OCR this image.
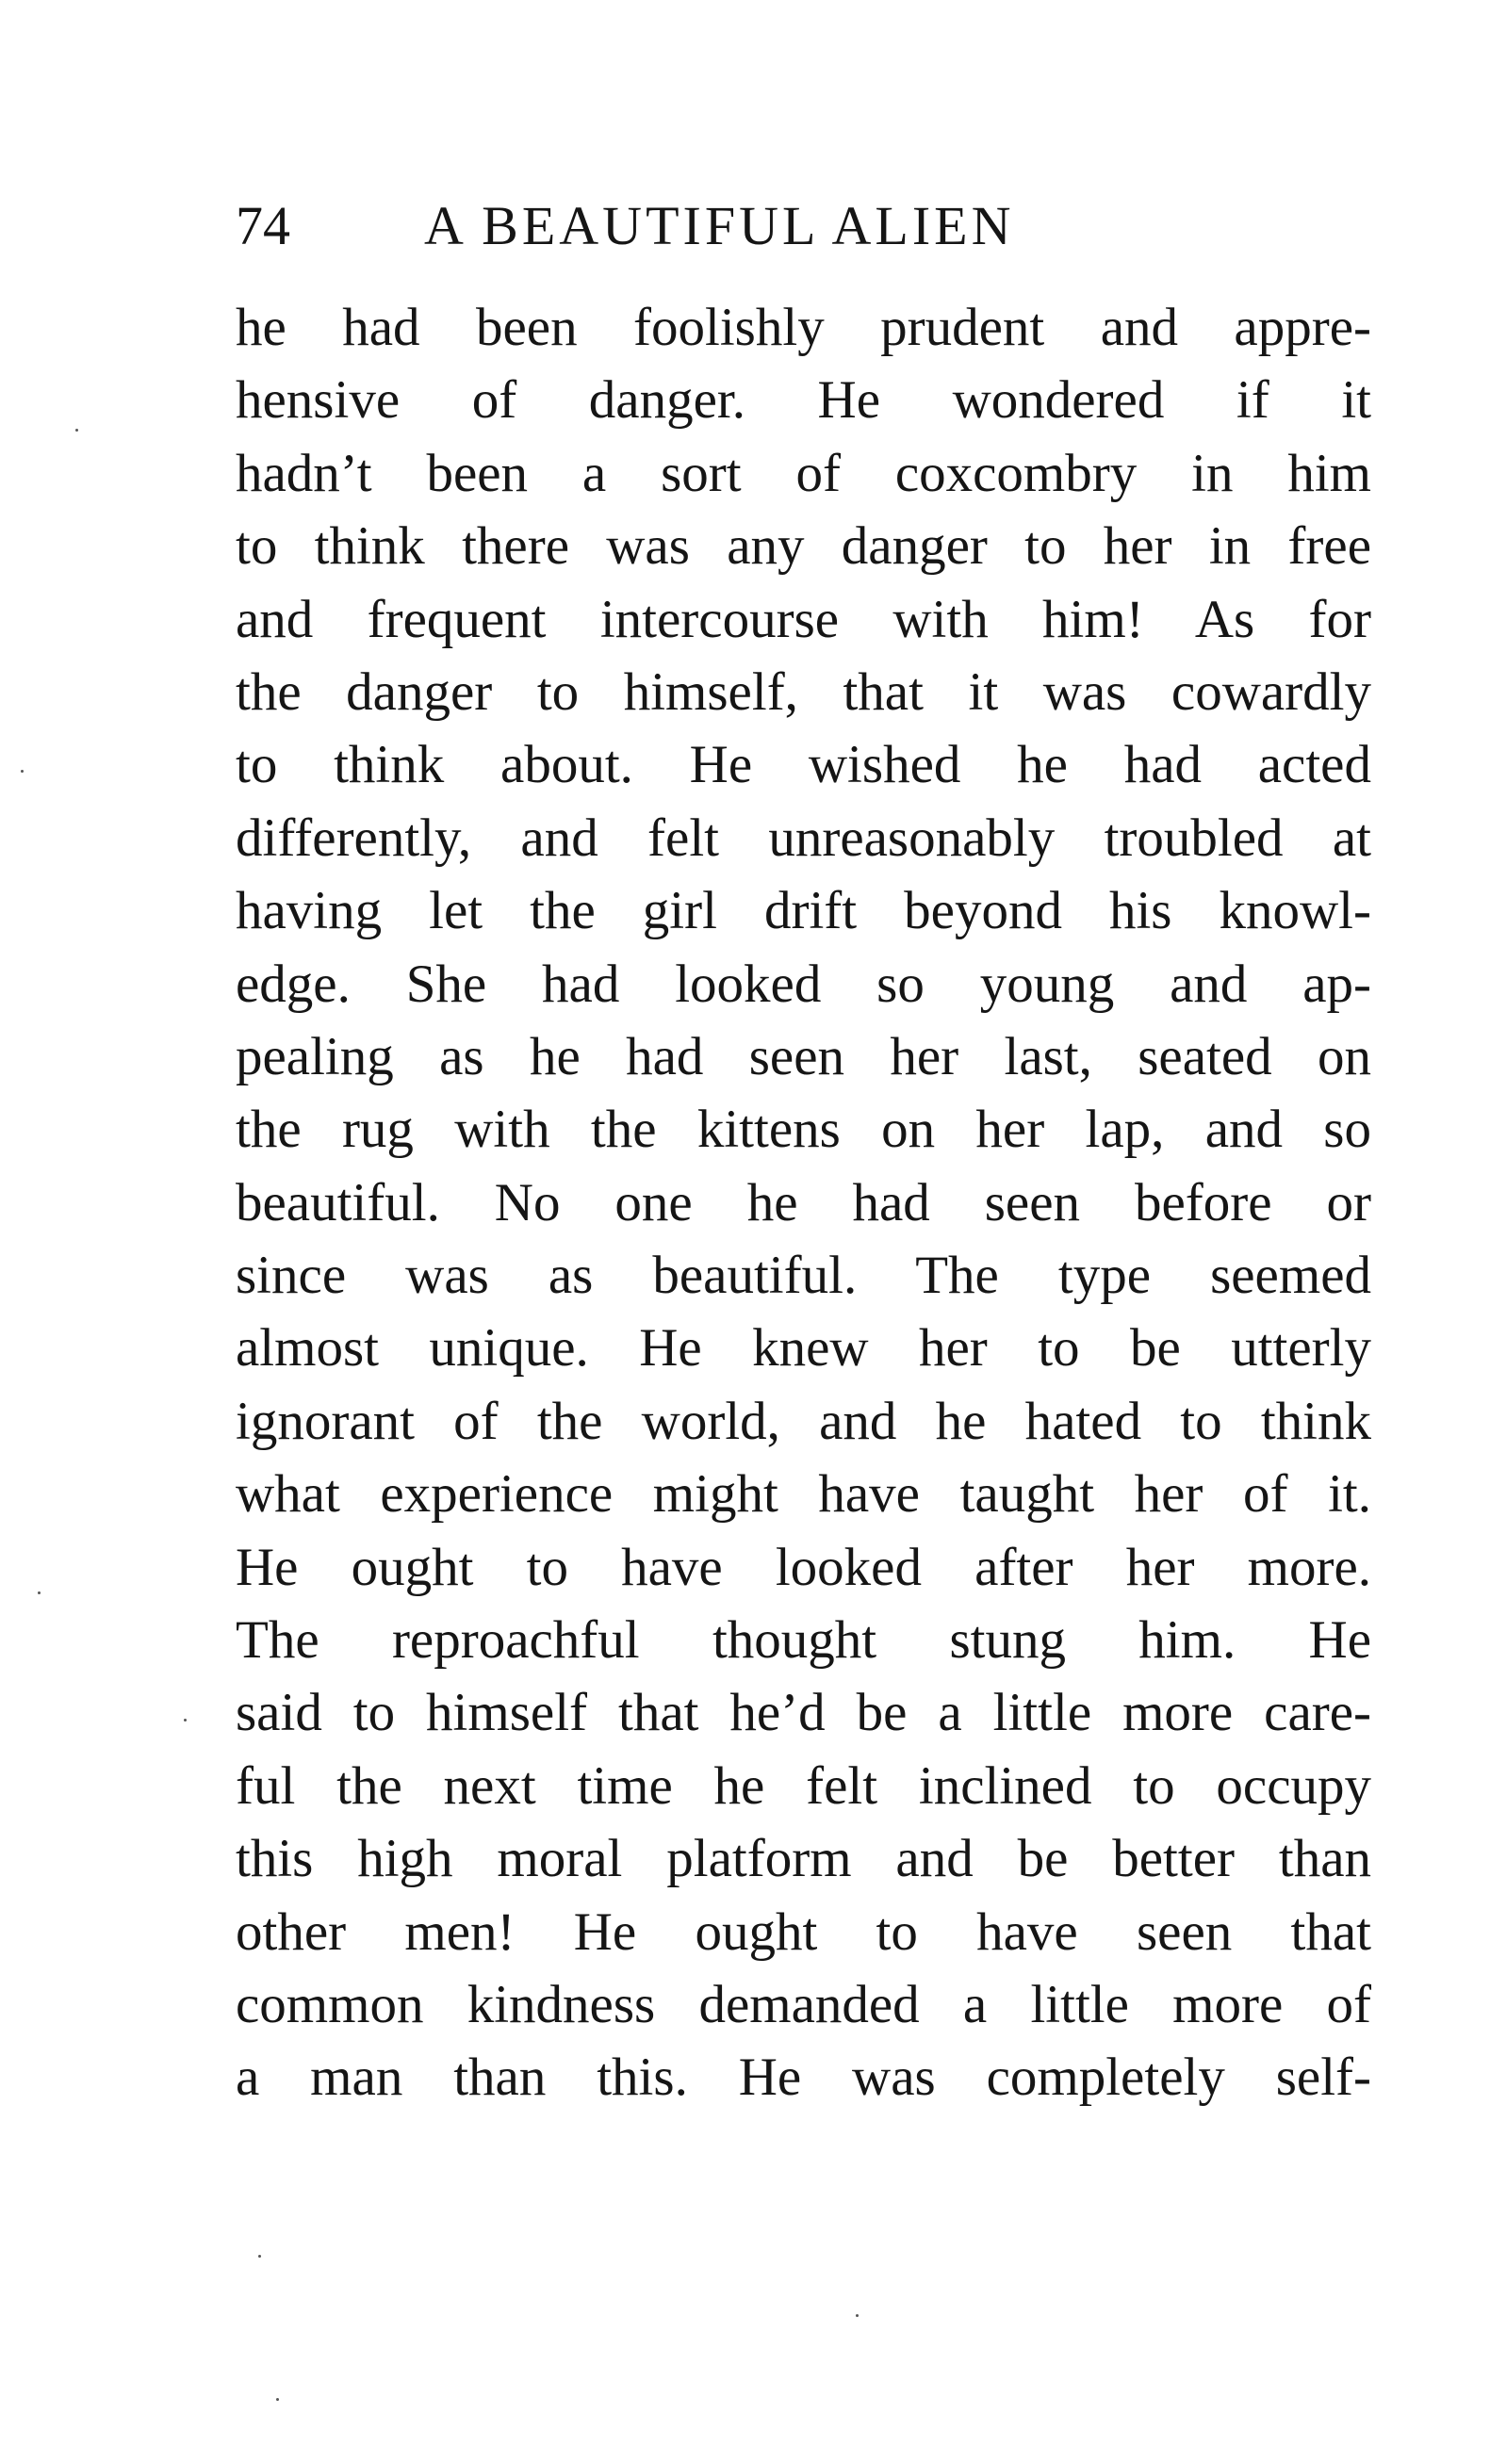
74 A BEAUTIFUL ALIEN
he had been foolishly prudent and appre-
hensive of danger. He wondered if it
hadn’t been a sort of coxcombry in him
to think there was any danger to her in free
and frequent intercourse with him! As for
the danger to himself, that it was cowardly
to think about. He wished he had acted
differently, and felt unreasonably troubled at
having let the girl drift beyond his knowl-
edge. She had looked so young and ap-
pealing as he had seen her last, seated on
the rug with the kittens on her lap, and so
beautiful. No one he had seen before or
since was as beautiful. The type seemed
almost unique. He knew her to be utterly
ignorant of the world, and he hated to think
what experience might have taught her of it.
He ought to have looked after her more.
The reproachful thought stung him. He
said to himself that he’d be a little more care-
ful the next time he felt inclined to occupy
this high moral platform and be better than
other men! He ought to have seen that
common kindness demanded a little more of
a man than this. He was completely self-
